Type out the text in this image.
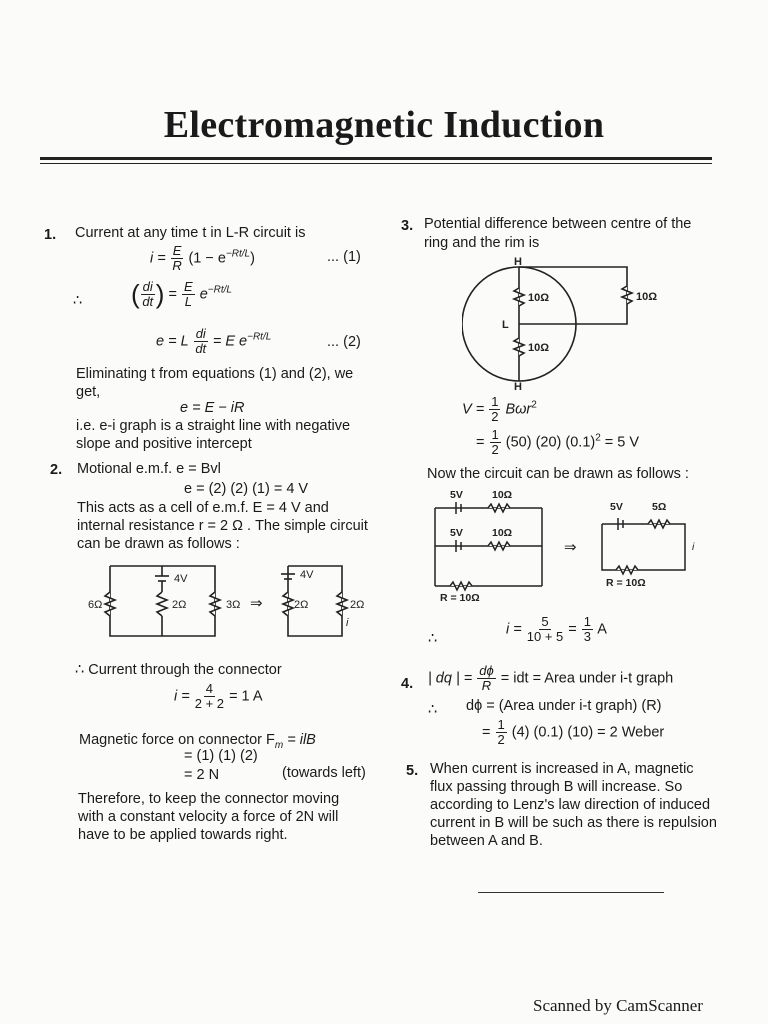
Electromagnetic Induction
1. Current at any time t in L-R circuit is
$i = \frac{E}{R} (1 - e^{-Rt/L})$	... (1)
∴ ( $\frac{di}{dt}$ ) = $\frac{E}{L} e^{-Rt/L}$
e = L $\frac{di}{dt} = E$ $e^{-Rt/L}$	... (2)
Eliminating t from equations (1) and (2), we
get,
e = E − iR
i.e. e-i graph is a straight line with negative
slope and positive intercept
2. Motional e.m.f. e = Bvl
e = (2) (2) (1) = 4 V
This acts as a cell of e.m.f. E = 4 V and
internal resistance r = 2 Ω . The simple circuit
can be drawn as follows :
4V
6Ω	2Ω	3Ω ⇒
4V
2Ω	2Ω
i
∴ Current through the connector
$i = \frac{4}{2 + 2} = 1$ A
Magnetic force on connector $F_m$ = ilB
= (1) (1) (2)
= 2 N	(towards left)
Therefore, to keep the connector moving
with a constant velocity a force of 2N will
have to be applied towards right.
3. Potential difference between centre of the
ring and the rim is
H
H
L
10Ω
10Ω
10Ω
$V = \frac{1}{2} B\omega r^2$
= $\frac{1}{2} (50)$ (20) $(0.1)^2 = 5$ V
Now the circuit can be drawn as follows :
5V	10Ω
5V	10Ω
R = 10Ω
⇒
5V	5Ω
R = 10Ω
i
∴
$i = \frac{5}{10 + 5} = \frac{1}{3}$ A
4. | dq | = $\frac{d\phi}{R}$ = idt = Area under i-t graph
∴ dϕ = (Area under i-t graph) (R)
= $\frac{1}{2} (4)$ (0.1) (10) = 2 Weber
5. When current is increased in A, magnetic
flux passing through B will increase. So
according to Lenz's law direction of induced
current in B will be such as there is repulsion
between A and B.
Scanned by CamScanner
